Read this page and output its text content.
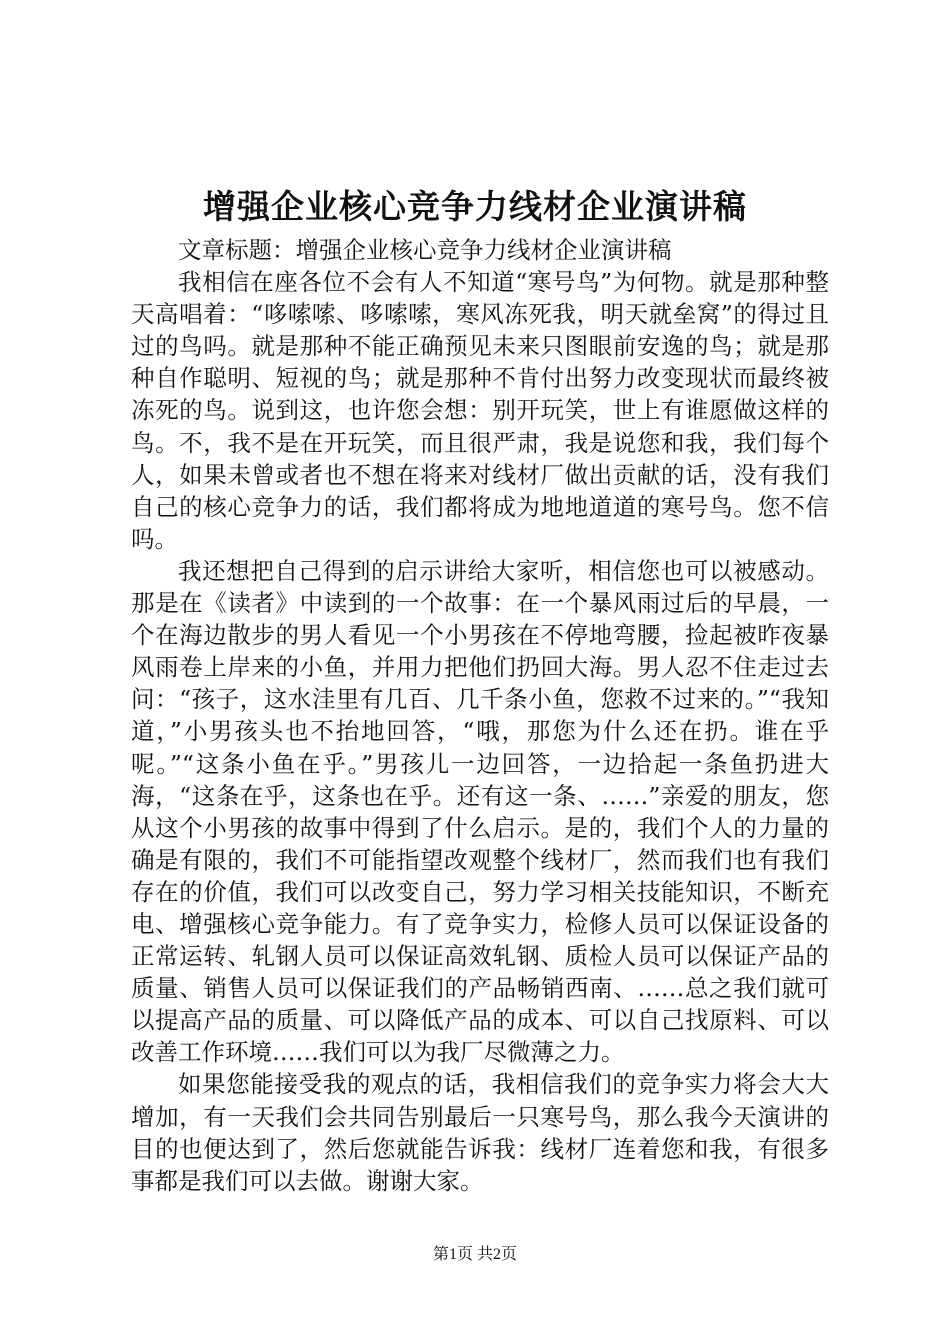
增强企业核心竞争力线材企业演讲稿

文章标题：增强企业核心竞争力线材企业演讲稿

我相信在座各位不会有人不知道“寒号鸟”为何物。就是那种整天高唱着：“哆嗦嗦、哆嗦嗦，寒风冻死我，明天就垒窝”的得过且过的鸟吗。就是那种不能正确预见未来只图眼前安逸的鸟；就是那种自作聪明、短视的鸟；就是那种不肯付出努力改变现状而最终被冻死的鸟。说到这，也许您会想：别开玩笑，世上有谁愿做这样的鸟。不，我不是在开玩笑，而且很严肃，我是说您和我，我们每个人，如果未曾或者也不想在将来对线材厂做出贡献的话，没有我们自己的核心竞争力的话，我们都将成为地地道道的寒号鸟。您不信吗。

我还想把自己得到的启示讲给大家听，相信您也可以被感动。那是在《读者》中读到的一个故事：在一个暴风雨过后的早晨，一个在海边散步的男人看见一个小男孩在不停地弯腰，捡起被昨夜暴风雨卷上岸来的小鱼，并用力把他们扔回大海。男人忍不住走过去问：“孩子，这水洼里有几百、几千条小鱼，您救不过来的。”“我知道，”小男孩头也不抬地回答，“哦，那您为什么还在扔。谁在乎呢。”“这条小鱼在乎。”男孩儿一边回答，一边拾起一条鱼扔进大海，“这条在乎，这条也在乎。还有这一条、……”亲爱的朋友，您从这个小男孩的故事中得到了什么启示。是的，我们个人的力量的确是有限的，我们不可能指望改观整个线材厂，然而我们也有我们存在的价值，我们可以改变自己，努力学习相关技能知识，不断充电、增强核心竞争能力。有了竞争实力，检修人员可以保证设备的正常运转、轧钢人员可以保证高效轧钢、质检人员可以保证产品的质量、销售人员可以保证我们的产品畅销西南、……总之我们就可以提高产品的质量、可以降低产品的成本、可以自己找原料、可以改善工作环境……我们可以为我厂尽微薄之力。

如果您能接受我的观点的话，我相信我们的竞争实力将会大大增加，有一天我们会共同告别最后一只寒号鸟，那么我今天演讲的目的也便达到了，然后您就能告诉我：线材厂连着您和我，有很多事都是我们可以去做。谢谢大家。

第1页 共2页
